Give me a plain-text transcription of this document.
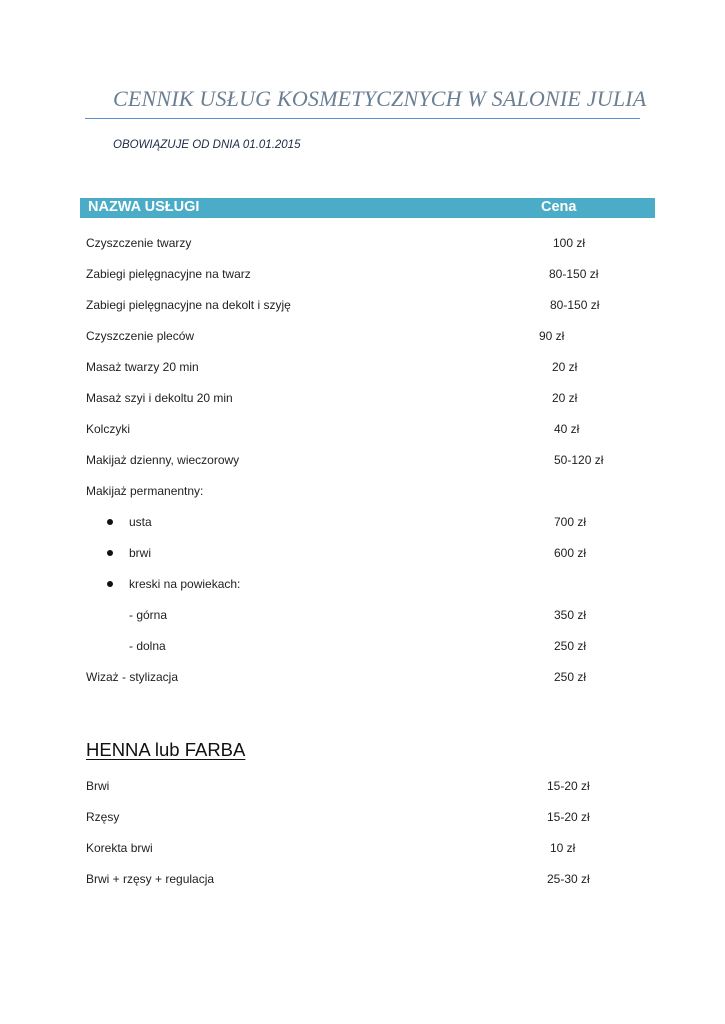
CENNIK USŁUG KOSMETYCZNYCH W SALONIE JULIA
OBOWIĄZUJE OD DNIA 01.01.2015
NAZWA USŁUGI	Cena
Czyszczenie twarzy	100 zł
Zabiegi pielęgnacyjne na twarz	80-150 zł
Zabiegi pielęgnacyjne na dekolt i szyję	80-150 zł
Czyszczenie pleców	90 zł
Masaż twarzy 20 min	20 zł
Masaż szyi i dekoltu 20 min	20 zł
Kolczyki	40 zł
Makijaż dzienny, wieczorowy	50-120 zł
Makijaż permanentny:
usta	700 zł
brwi	600 zł
kreski na powiekach:
- górna	350 zł
- dolna	250 zł
Wizaż - stylizacja	250 zł
HENNA lub FARBA
Brwi	15-20 zł
Rzęsy	15-20 zł
Korekta brwi	10 zł
Brwi + rzęsy + regulacja	25-30 zł
